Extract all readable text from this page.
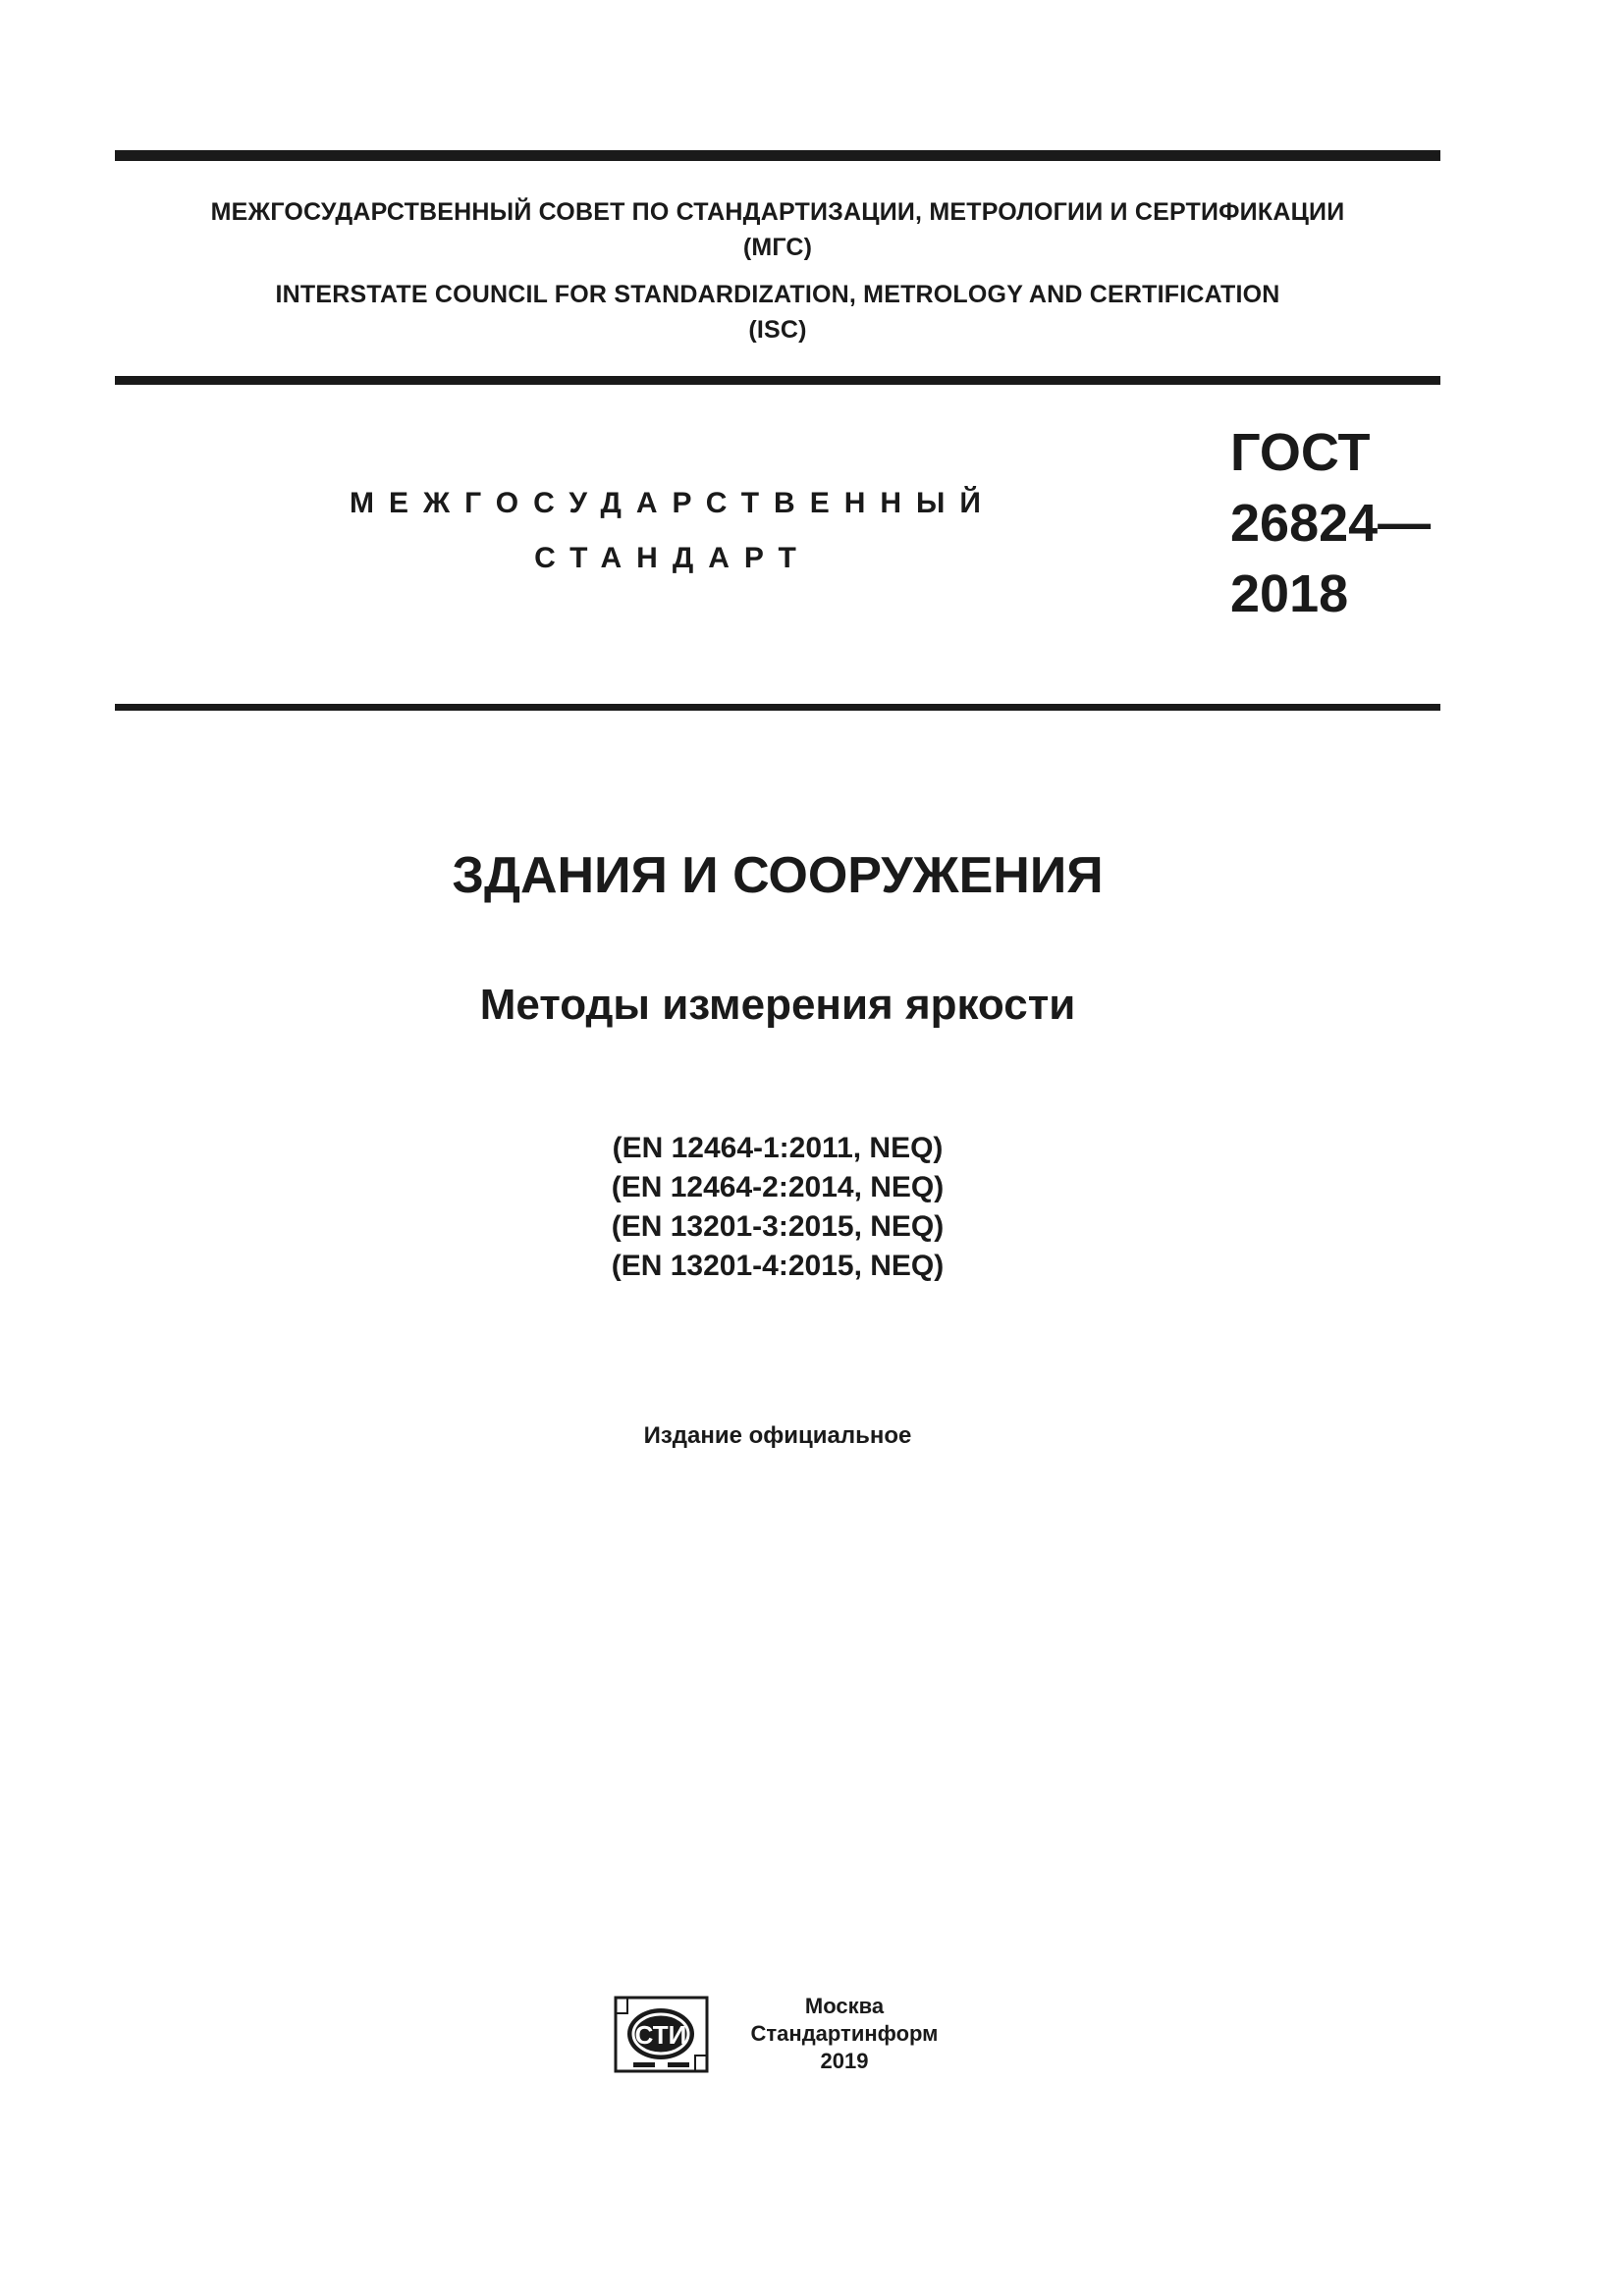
МЕЖГОСУДАРСТВЕННЫЙ СОВЕТ ПО СТАНДАРТИЗАЦИИ, МЕТРОЛОГИИ И СЕРТИФИКАЦИИ
(МГС)
INTERSTATE COUNCIL FOR STANDARDIZATION, METROLOGY AND CERTIFICATION
(ISC)
МЕЖГОСУДАРСТВЕННЫЙ
СТАНДАРТ
ГОСТ
26824—
2018
ЗДАНИЯ И СООРУЖЕНИЯ
Методы измерения яркости
(EN 12464-1:2011, NEQ)
(EN 12464-2:2014, NEQ)
(EN 13201-3:2015, NEQ)
(EN 13201-4:2015, NEQ)
Издание официальное
СТИ
Москва
Стандартинформ
2019
